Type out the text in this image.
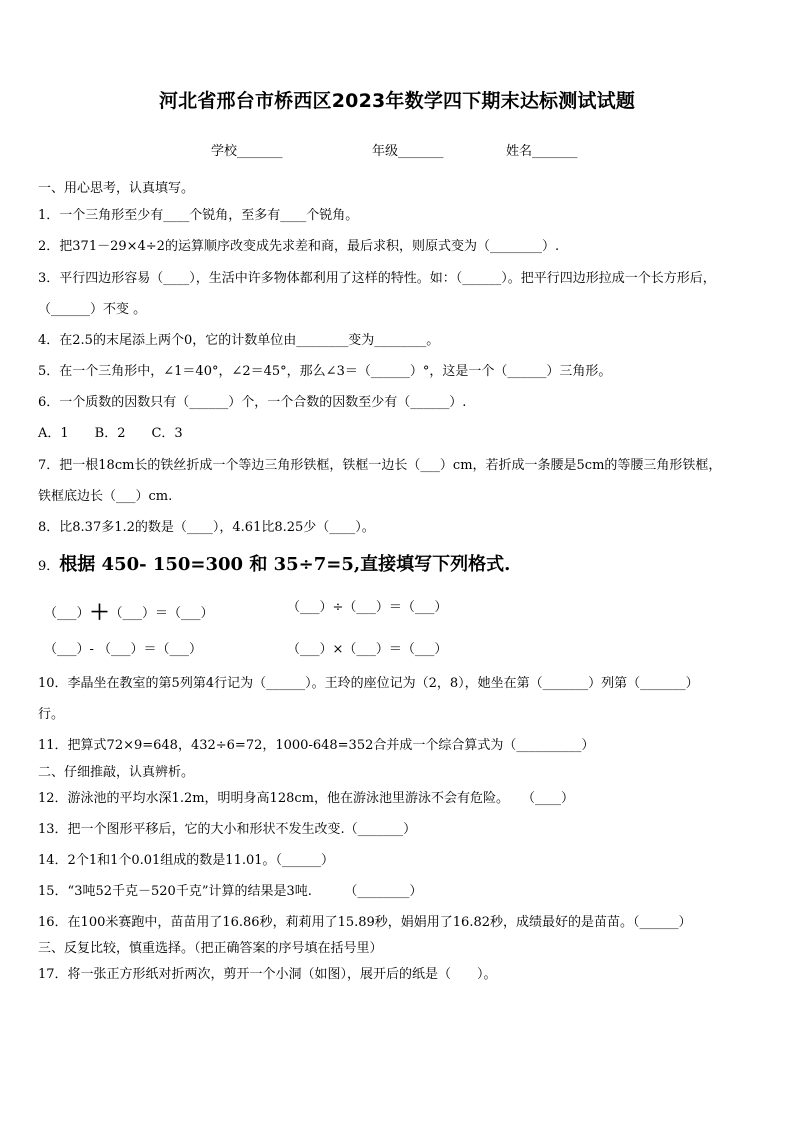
河北省邢台市桥西区2023年数学四下期末达标测试试题
学校_______	年级_______	姓名_______
一、用心思考，认真填写。
1．一个三角形至少有____个锐角，至多有____个锐角。
2．把371－29×4÷2的运算顺序改变成先求差和商，最后求积，则原式变为（________）.
3．平行四边形容易（____），生活中许多物体都利用了这样的特性。如：（______）。把平行四边形拉成一个长方形后，
（______）不变 。
4．在2.5的末尾添上两个0，它的计数单位由________变为________。
5．在一个三角形中，∠1＝40°，∠2＝45°，那么∠3＝（______）°，这是一个（______）三角形。
6．一个质数的因数只有（______）个，一个合数的因数至少有（______）.
A．1　　B．2　　C．3
7．把一根18cm长的铁丝折成一个等边三角形铁框，铁框一边长（___）cm，若折成一条腰是5cm的等腰三角形铁框，
铁框底边长（___）cm.
8．比8.37多1.2的数是（____），4.61比8.25少（____）。
9．根据 450- 150=300 和 35÷7=5,直接填写下列格式.
（___）＋（___）＝（___）	（___）÷（___）＝（___）
（___）- （___）＝（___）	（___）×（___）＝（___）
10．李晶坐在教室的第5列第4行记为（______）。王玲的座位记为（2，8），她坐在第（_______）列第（_______）
行。
11．把算式72×9=648，432÷6=72，1000-648=352合并成一个综合算式为（__________）
二、仔细推敲，认真辨析。
12．游泳池的平均水深1.2m，明明身高128cm，他在游泳池里游泳不会有危险。　　（____）
13．把一个图形平移后，它的大小和形状不发生改变.（_______）
14．2个1和1个0.01组成的数是11.01。（______）
15．“3吨52千克－520千克”计算的结果是3吨.　　　（________）
16．在100米赛跑中，苗苗用了16.86秒，莉莉用了15.89秒，娟娟用了16.82秒，成绩最好的是苗苗。（______）
三、反复比较，慎重选择。（把正确答案的序号填在括号里）
17．将一张正方形纸对折两次，剪开一个小洞（如图），展开后的纸是（　　）。
